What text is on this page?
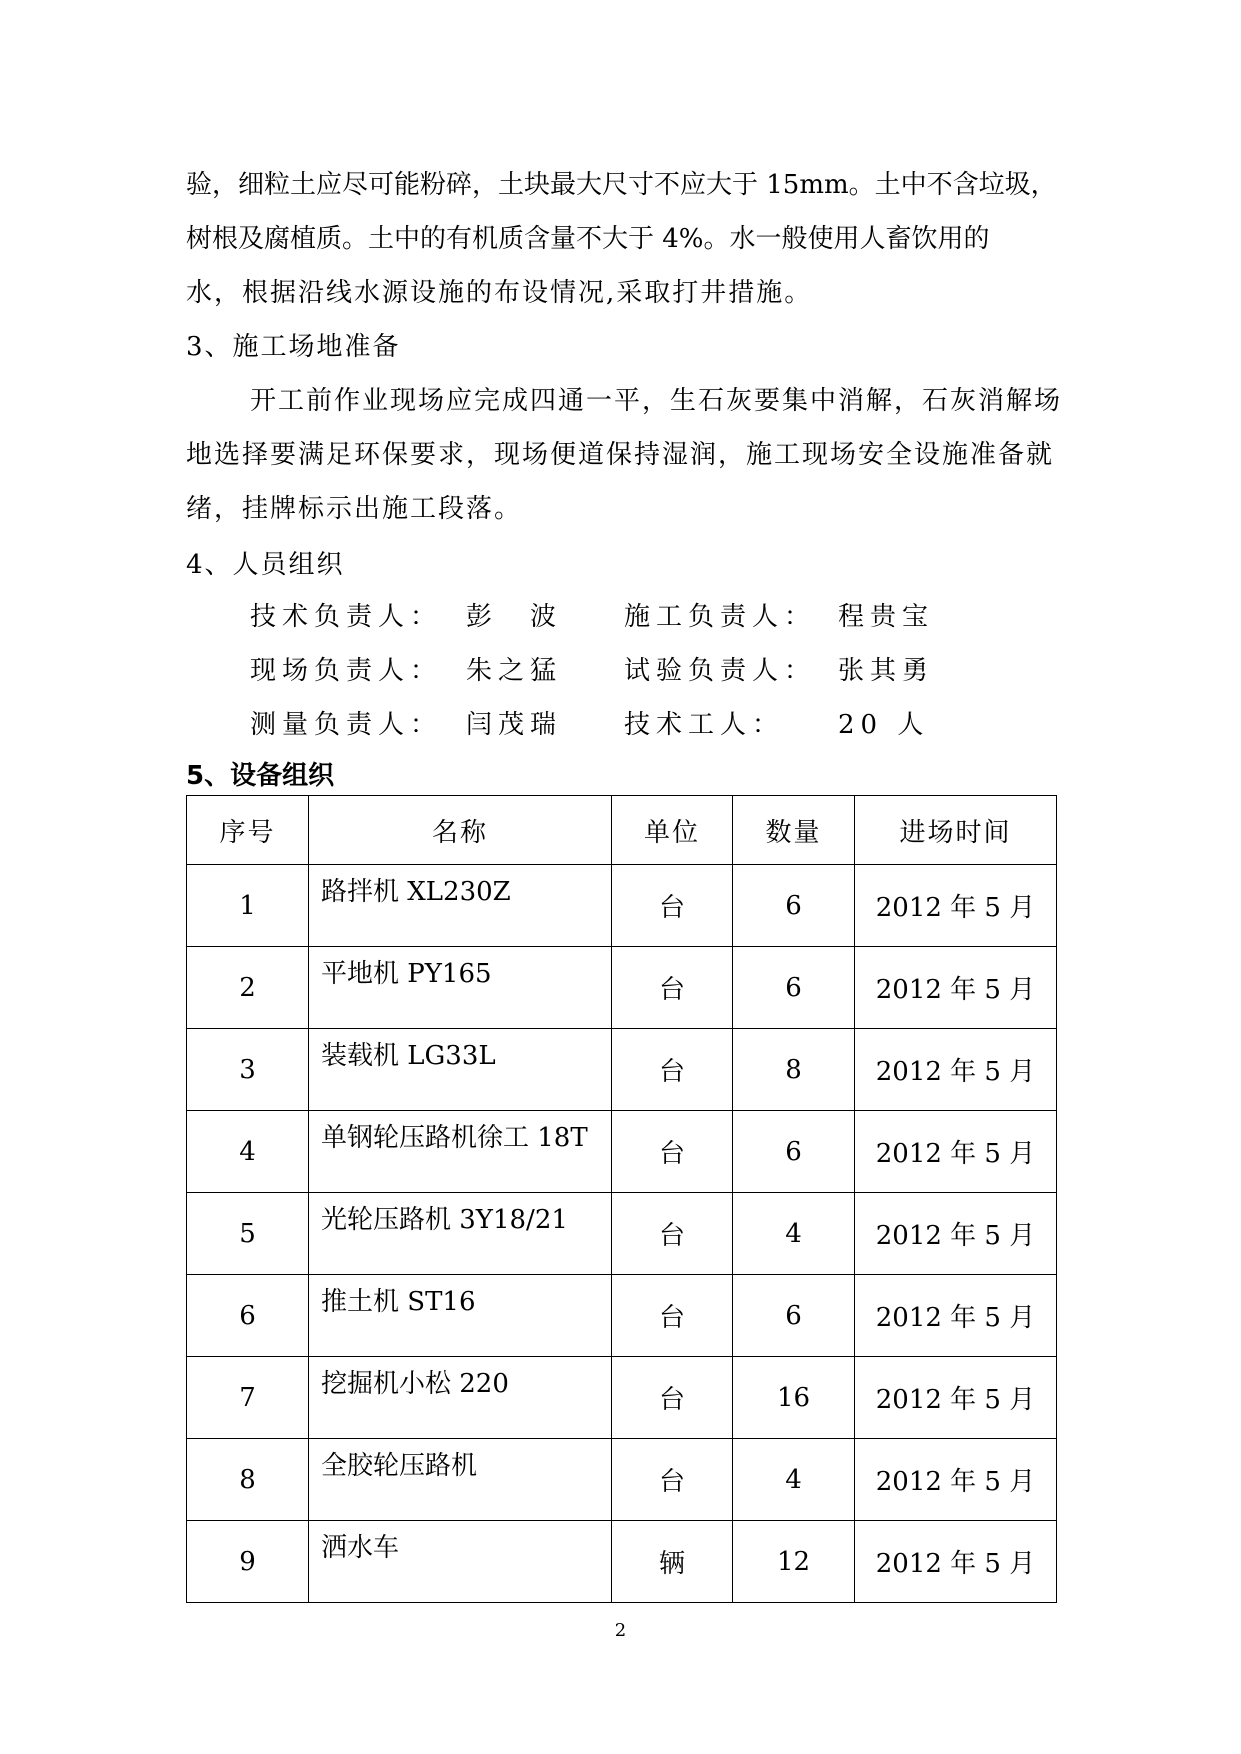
验，细粒土应尽可能粉碎，土块最大尺寸不应大于 15mm。土中不含垃圾，
树根及腐植质。土中的有机质含量不大于 4%。水一般使用人畜饮用的
水，根据沿线水源设施的布设情况,采取打井措施。
3、施工场地准备
开工前作业现场应完成四通一平，生石灰要集中消解，石灰消解场
地选择要满足环保要求，现场便道保持湿润，施工现场安全设施准备就
绪，挂牌标示出施工段落。
4、人员组织
技术负责人： 彭　波 施工负责人： 程贵宝
现场负责人： 朱之猛 试验负责人： 张其勇
测量负责人： 闫茂瑞 技术工人： 20 人
5、设备组织
序号	名称	单位	数量	进场时间
1	路拌机 XL230Z	台	6	2012 年 5 月
2	平地机 PY165	台	6	2012 年 5 月
3	装载机 LG33L	台	8	2012 年 5 月
4	单钢轮压路机徐工 18T	台	6	2012 年 5 月
5	光轮压路机 3Y18/21	台	4	2012 年 5 月
6	推土机 ST16	台	6	2012 年 5 月
7	挖掘机小松 220	台	16	2012 年 5 月
8	全胶轮压路机	台	4	2012 年 5 月
9	洒水车	辆	12	2012 年 5 月
2
